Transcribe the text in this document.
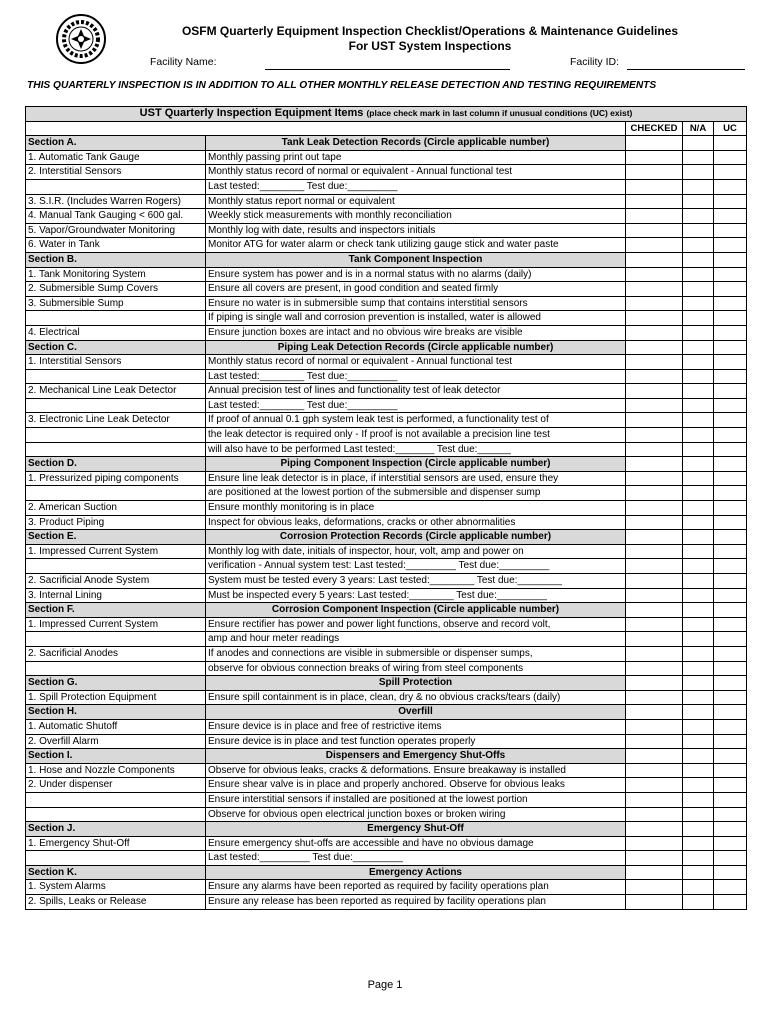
OSFM Quarterly Equipment Inspection Checklist/Operations & Maintenance Guidelines
For UST System Inspections
Facility Name:	Facility ID:
THIS QUARTERLY INSPECTION IS IN ADDITION TO ALL OTHER MONTHLY RELEASE DETECTION AND TESTING REQUIREMENTS
UST Quarterly Inspection Equipment Items (place check mark in last column if unusual conditions (UC) exist)				
		CHECKED	N/A	UC
Section A.	Tank Leak Detection Records (Circle applicable number)			
1. Automatic Tank Gauge	Monthly passing print out tape			
2. Interstitial Sensors	Monthly status record of normal or equivalent - Annual functional test			
	Last tested:________ Test due:_________			
3. S.I.R. (Includes Warren Rogers)	Monthly status report normal or equivalent			
4. Manual Tank Gauging < 600 gal.	Weekly stick measurements with monthly reconciliation			
5. Vapor/Groundwater Monitoring	Monthly log with date, results and inspectors initials			
6. Water in Tank	Monitor ATG for water alarm or check tank utilizing gauge stick and water paste			
Section B.	Tank Component Inspection			
1. Tank Monitoring System	Ensure system has power and is in a normal status with no alarms (daily)			
2. Submersible Sump Covers	Ensure all covers are present, in good condition and seated firmly			
3. Submersible Sump	Ensure no water is in submersible sump that contains interstitial sensors			
	If piping is single wall and corrosion prevention is installed, water is allowed			
4. Electrical	Ensure junction boxes are intact and no obvious wire breaks are visible			
Section C.	Piping Leak Detection Records (Circle applicable number)			
1. Interstitial Sensors	Monthly status record of normal or equivalent - Annual functional test			
	Last tested:________ Test due:_________			
2. Mechanical Line Leak Detector	Annual precision test of lines and functionality test of leak detector			
	Last tested:________ Test due:_________			
3. Electronic Line Leak Detector	If proof of annual 0.1 gph system leak test is performed, a functionality test of			
	the leak detector is required only - If proof is not available a precision line test			
	will also have to be performed Last tested:_______ Test due:______			
Section D.	Piping Component Inspection (Circle applicable number)			
1. Pressurized piping components	Ensure line leak detector is in place, if interstitial sensors are used, ensure they			
	are positioned at the lowest portion of the submersible and dispenser sump			
2. American Suction	Ensure monthly monitoring is in place			
3. Product Piping	Inspect for obvious leaks, deformations, cracks or other abnormalities			
Section E.	Corrosion Protection Records (Circle applicable number)			
1. Impressed Current System	Monthly log with date, initials of inspector, hour, volt, amp and power on			
	verification - Annual system test: Last tested:_________ Test due:_________			
2. Sacrificial Anode System	System must be tested every 3 years: Last tested:________ Test due:________			
3. Internal Lining	Must be inspected every 5 years: Last tested:________ Test due:_________			
Section F.	Corrosion Component Inspection (Circle applicable number)			
1. Impressed Current System	Ensure rectifier has power and power light functions, observe and record volt,			
	amp and hour meter readings			
2. Sacrificial Anodes	If anodes and connections are visible in submersible or dispenser sumps,			
	observe for obvious connection breaks of wiring from steel components			
Section G.	Spill Protection			
1. Spill Protection Equipment	Ensure spill containment is in place, clean, dry & no obvious cracks/tears (daily)			
Section H.	Overfill			
1. Automatic Shutoff	Ensure device is in place and free of restrictive items			
2. Overfill Alarm	Ensure device is in place and test function operates properly			
Section I.	Dispensers and Emergency Shut-Offs			
1. Hose and Nozzle Components	Observe for obvious leaks, cracks & deformations. Ensure breakaway is installed			
2. Under dispenser	Ensure shear valve is in place and properly anchored. Observe for obvious leaks			
	Ensure interstitial sensors if installed are positioned at the lowest portion			
	Observe for obvious open electrical junction boxes or broken wiring			
Section J.	Emergency Shut-Off			
1. Emergency Shut-Off	Ensure emergency shut-offs are accessible and have no obvious damage			
	Last tested:_________ Test due:_________			
Section K.	Emergency Actions			
1. System Alarms	Ensure any alarms have been reported as required by facility operations plan			
2. Spills, Leaks or Release	Ensure any release has been reported as required by facility operations plan			
Page 1
